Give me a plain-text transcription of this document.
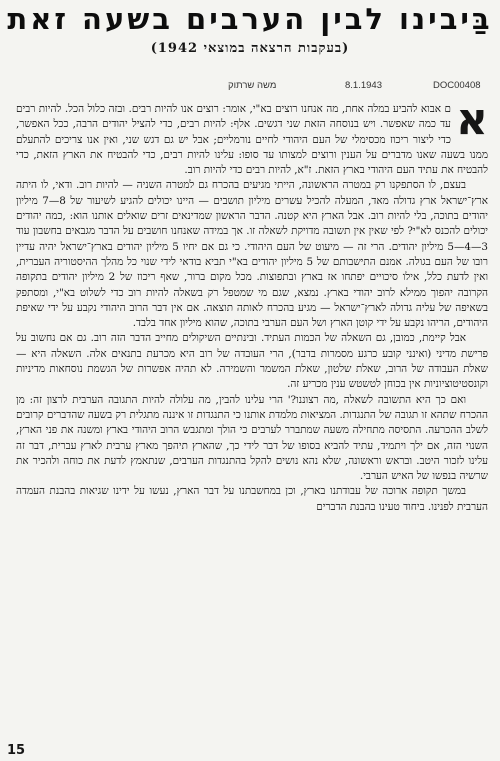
בַּיבינו לבין הערבים בשעה זאת
(בעקבות הרצאה במוצאי 1942)
DOC00408
8.1.1943
משה שרתוק

א
ם אבוא להביע במלה אחת, מה אנחנו רוצים בא"י, אומר: רוצים אנו להיות רבים. ובזה כלול הכל. להיות רבים עד כמה שאפשר. ויש בנוסחה הזאת שני דגשים. אלף: להיות רבים, כדי להציל יהודים הרבה, ככל האפשר, כדי ליצור ריכוז מכסימלי של העם היהודי לחיים נורמליים; אבל יש גם דגש שני, ואין אנו צריכים להתעלם ממנו בשעה שאנו מדברים על הענין ורוצים למצותו עד סופו: עלינו להיות רבים, כדי להבטיח את הארץ הזאת, כדי להבטיח את עתיד העם היהודי בארץ הזאת. ז"א, להיות רבים כדי להיות רוב.

בעצם, לו הסתפקנו רק במטרה הראשונה, הייתי מגיעים בהכרח גם למטרה השניה — להיות רוב. ודאי, לו היתה ארץ־ישראל ארץ גדולה מאד, המעלה להכיל עשרים מיליון תושבים — היינו יכולים להגיע לשיעור של 8—7 מיליון יהודים בתוכה, בלי להיות רוב. אבל הארץ היא קטנה. הדבר הראשון שמדינאים זרים שואלים אותנו הוא: ,כמה יהודים יכולים להכנס לא"י? לפי שאין אין תשובה מדויקת לשאלה זו. אך במידה שאנחנו חושבים על הדבר מגבאים בחשבון עוד 3—4—5 מיליון יהודים. הרי זה — מיעוט של העם היהודי. כי גם אם יחיו 5 מיליון יהודים בארץ־ישראל יהיה עדיין רובו של העם בגולה. אמנם התישבותם של 5 מיליון יהודים בא"י תביא בודאי לידי שנוי כל מהלך ההיסטוריה העברית, ואין לדעת כלל, אילו סיכויים יפתחו אז בארץ ובתפוצות. מכל מקום ברור, שאף ריכוז של 2 מיליון יהודים בתקופה הקרובה יהפוך ממילא לרוב יהודי בארץ. נמצא, שגם מי שמטפל רק בשאלה להיות רוב כדי לשלוט בא"י, ומסתפק בשאיפה של עליה גדולה לארץ־ישראל — מגיע בהכרח לאותה תוצאה. אם אין דבר הרוב היהודי נקבע על ידי שאיפת היהודים, הריהו נקבע על ידי קוטן הארץ ושל העם הערבי בתוכה, שהוא מיליון אחד בלבד.

אבל קיימת, כמובן, גם השאלה של הכמות העתיד. ובינתיים השיקולים מחייב הדבר הזה רוב. גם אם נחשוב על פרישת מדיני (ואינני קובע כרגע מסמרות בדבר), הרי העובדה של רוב היא מכרעת בתנאים אלה. השאלה היא — שאלת העבודה של הרוב, שאלת שלטון, שאלת המשמר והשמירה. לא תהיה אפשרות של הגשמת נוסחאות מדיניות וקונסטיטוציוניות אין בכוחן לטשטש ענין מכריע זה.

ואם כך היא התשובה לשאלה ,מה רצוננו?' הרי עלינו להבין, מה עלולה להיות התגובה הערבית לרצון זה: מן ההכרח שתהא זו תגובה של התנגדות. המציאות מלמדת אותנו כי התנגדות זו איננה מתגלית רק בשעה שהדברים קרובים לשלב ההכרעה. התסיסה מתחילה משעה שמתברר לערבים כי הולך ומתגבש הרוב היהודי בארץ ומשנה את פני הארץ, השנוי הזה, אם ילך ויתמיד, עתיד להביא בסופו של דבר לידי כך, שהארץ תיהפך מארץ ערבית לארץ עברית, דבר זה עלינו לזכור היטב. ובראש וראשונה, שלא נהא נושים להקל בהתנגדות הערבים, שנתאמץ לדעת את כוחה ולהכיר את שרשיה בנפשו של האיש הערבי.

במשך תקופה ארוכה של עבודתנו בארץ, וכן במחשבתנו על דבר הארץ, נעשו על ידינו שגיאות בהבנת העמדה הערבית לפנינו. ביחוד טעינו בהבנת הדברים

15
